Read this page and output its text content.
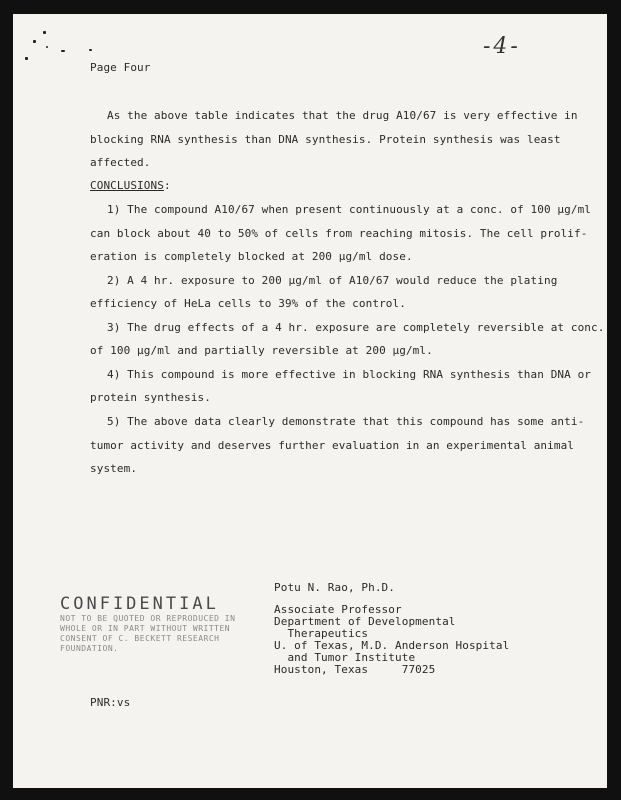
-4-
Page Four
As the above table indicates that the drug A10/67 is very effective in
blocking RNA synthesis than DNA synthesis. Protein synthesis was least
affected.
CONCLUSIONS:
1) The compound A10/67 when present continuously at a conc. of 100 μg/ml
can block about 40 to 50% of cells from reaching mitosis. The cell prolif-
eration is completely blocked at 200 μg/ml dose.
2) A 4 hr. exposure to 200 μg/ml of A10/67 would reduce the plating
efficiency of HeLa cells to 39% of the control.
3) The drug effects of a 4 hr. exposure are completely reversible at conc.
of 100 μg/ml and partially reversible at 200 μg/ml.
4) This compound is more effective in blocking RNA synthesis than DNA or
protein synthesis.
5) The above data clearly demonstrate that this compound has some anti-
tumor activity and deserves further evaluation in an experimental animal
system.
Potu N. Rao, Ph.D.
Associate Professor
Department of Developmental
Therapeutics
U. of Texas, M.D. Anderson Hospital
and Tumor Institute
Houston, Texas     77025
CONFIDENTIAL
NOT TO BE QUOTED OR REPRODUCED IN
WHOLE OR IN PART WITHOUT WRITTEN
CONSENT OF C. BECKETT RESEARCH
FOUNDATION.
PNR:vs
